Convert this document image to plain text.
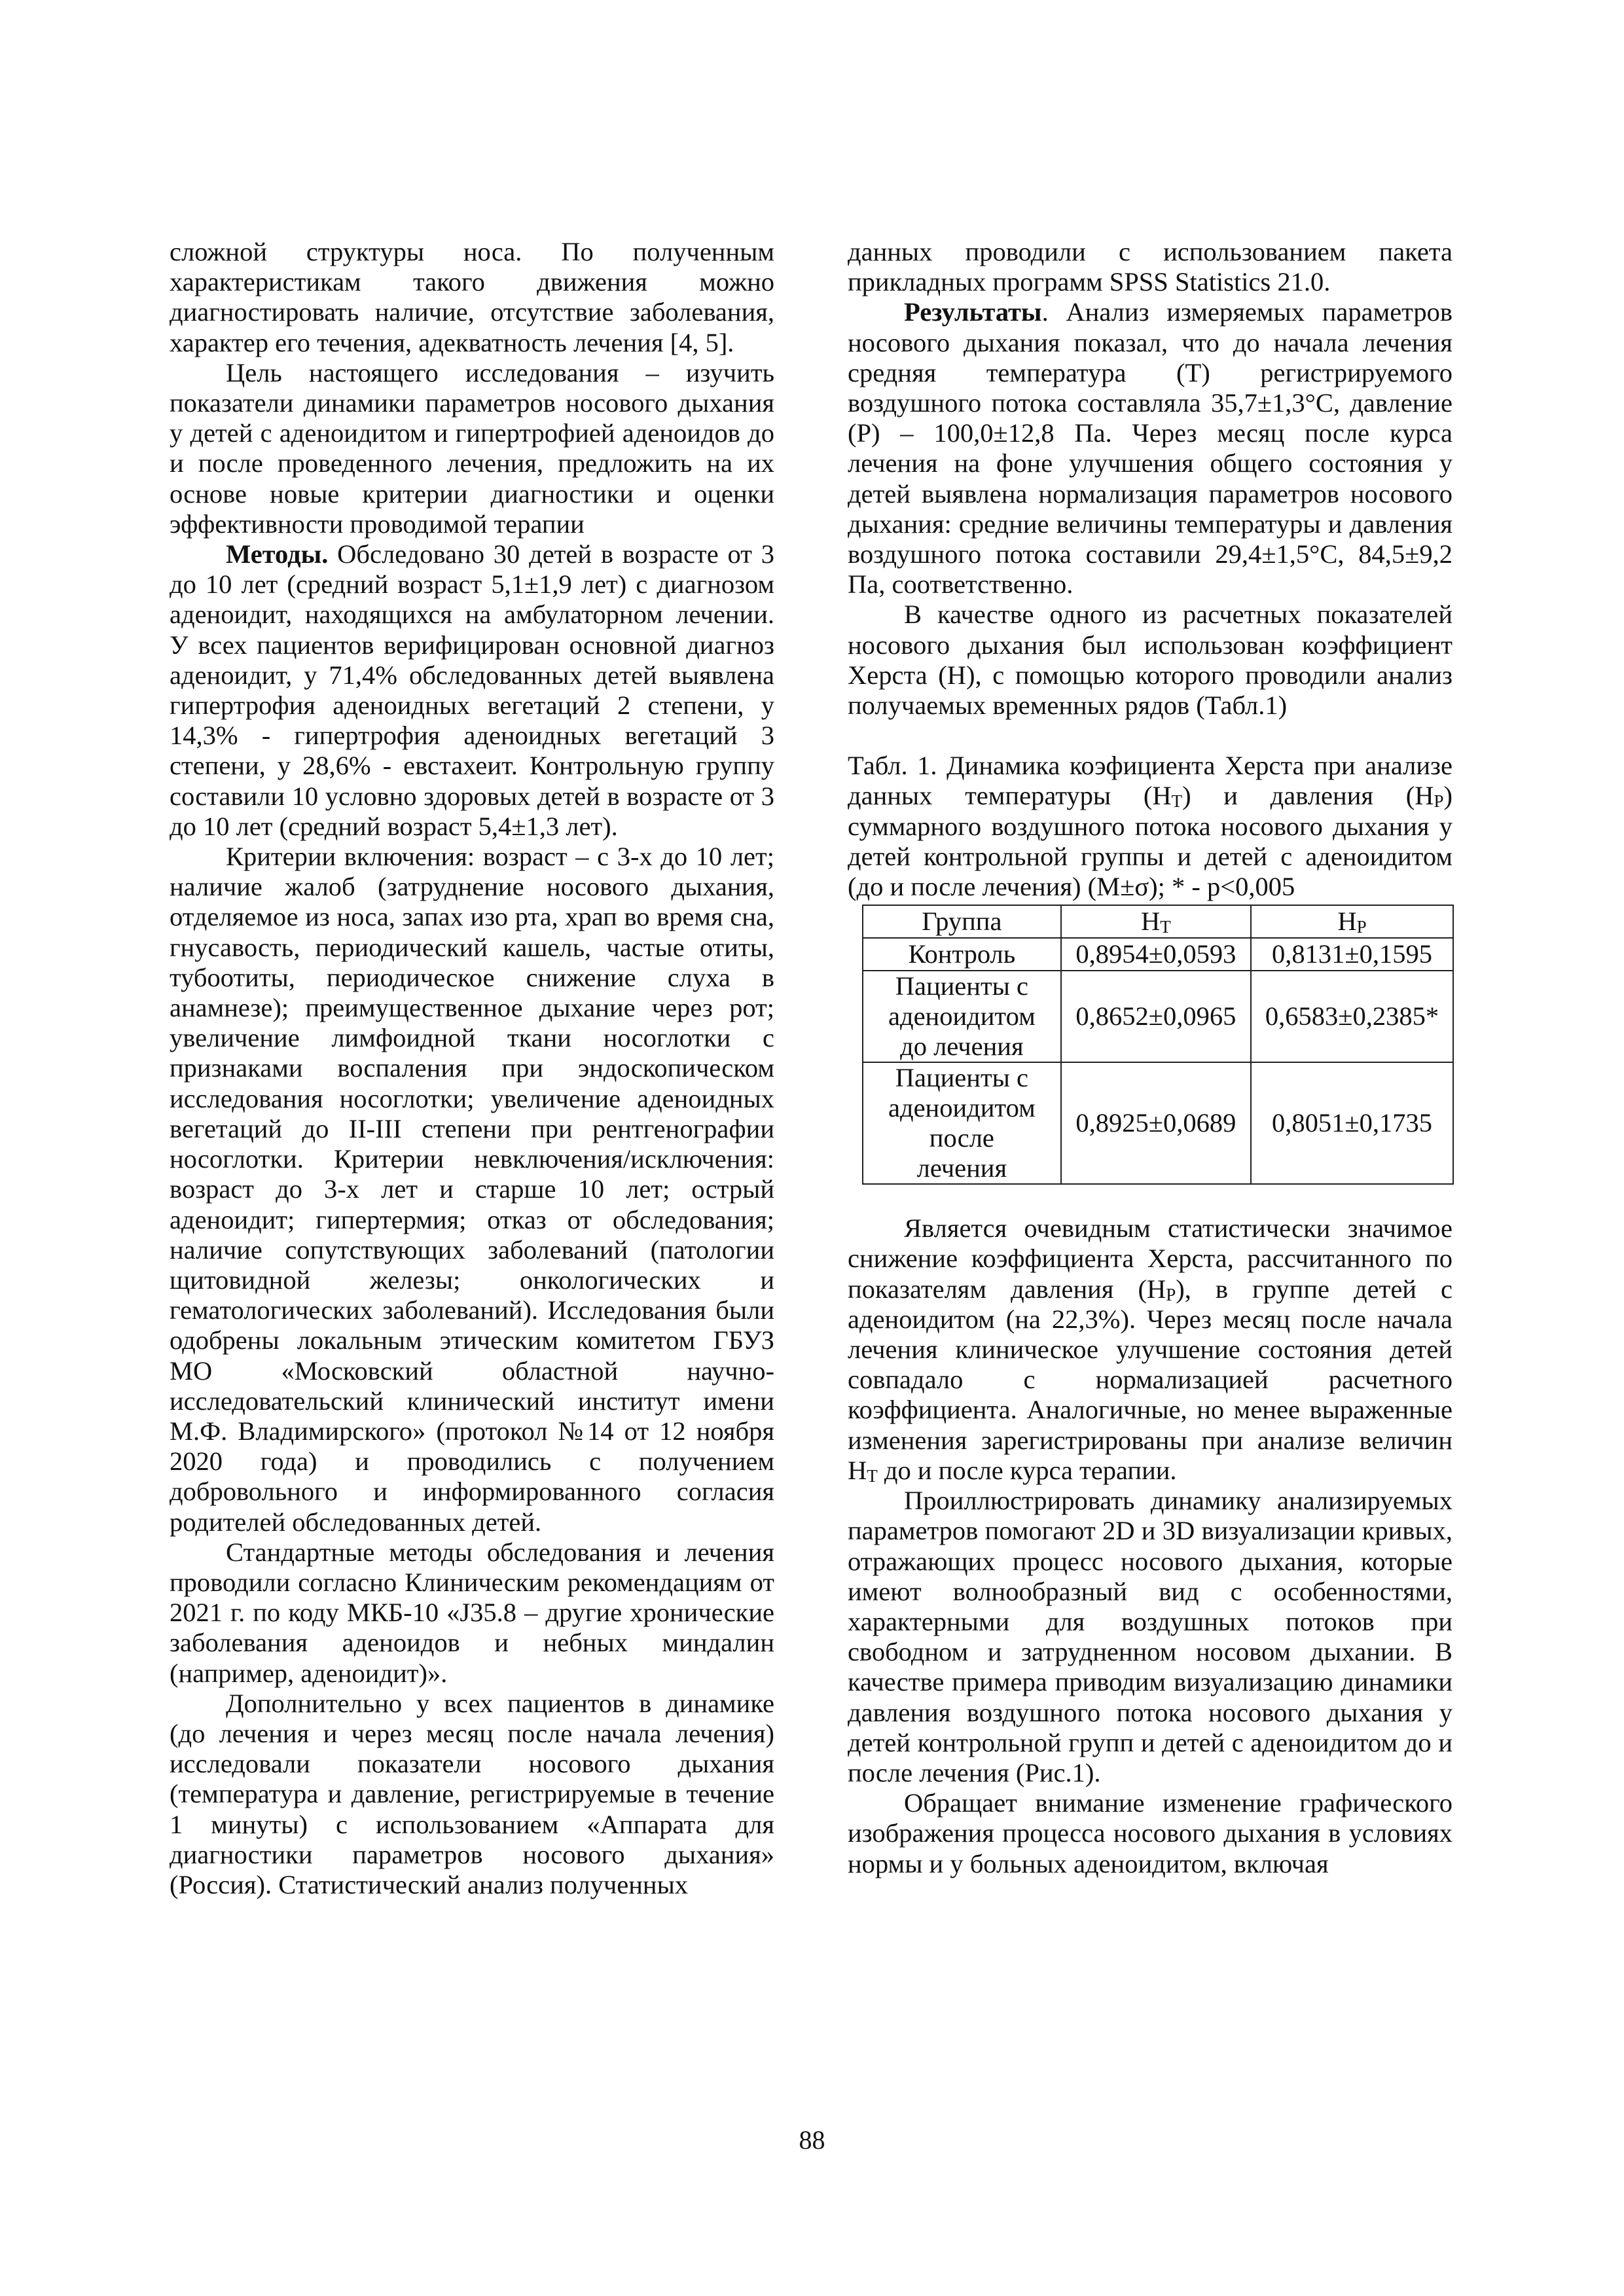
сложной структуры носа. По полученным характеристикам такого движения можно диагностировать наличие, отсутствие заболевания, характер его течения, адекватность лечения [4, 5].

Цель настоящего исследования – изучить показатели динамики параметров носового дыхания у детей с аденоидитом и гипертрофией аденоидов до и после проведенного лечения, предложить на их основе новые критерии диагностики и оценки эффективности проводимой терапии

Методы. Обследовано 30 детей в возрасте от 3 до 10 лет (средний возраст 5,1±1,9 лет) с диагнозом аденоидит, находящихся на амбулаторном лечении. У всех пациентов верифицирован основной диагноз аденоидит, у 71,4% обследованных детей выявлена гипертрофия аденоидных вегетаций 2 степени, у 14,3% - гипертрофия аденоидных вегетаций 3 степени, у 28,6% - евстахеит. Контрольную группу составили 10 условно здоровых детей в возрасте от 3 до 10 лет (средний возраст 5,4±1,3 лет).

Критерии включения: возраст – с 3-х до 10 лет; наличие жалоб (затруднение носового дыхания, отделяемое из носа, запах изо рта, храп во время сна, гнусавость, периодический кашель, частые отиты, тубоотиты, периодическое снижение слуха в анамнезе); преимущественное дыхание через рот; увеличение лимфоидной ткани носоглотки с признаками воспаления при эндоскопическом исследования носоглотки; увеличение аденоидных вегетаций до II-III степени при рентгенографии носоглотки. Критерии невключения/исключения: возраст до 3-х лет и старше 10 лет; острый аденоидит; гипертермия; отказ от обследования; наличие сопутствующих заболеваний (патологии щитовидной железы; онкологических и гематологических заболеваний). Исследования были одобрены локальным этическим комитетом ГБУЗ МО «Московский областной научно-исследовательский клинический институт имени М.Ф. Владимирского» (протокол №14 от 12 ноября 2020 года) и проводились с получением добровольного и информированного согласия родителей обследованных детей.

Стандартные методы обследования и лечения проводили согласно Клиническим рекомендациям от 2021 г. по коду МКБ-10 «J35.8 – другие хронические заболевания аденоидов и небных миндалин (например, аденоидит)».

Дополнительно у всех пациентов в динамике (до лечения и через месяц после начала лечения) исследовали показатели носового дыхания (температура и давление, регистрируемые в течение 1 минуты) с использованием «Аппарата для диагностики параметров носового дыхания» (Россия). Статистический анализ полученных

данных проводили с использованием пакета прикладных программ SPSS Statistics 21.0.

Результаты. Анализ измеряемых параметров носового дыхания показал, что до начала лечения средняя температура (Т) регистрируемого воздушного потока составляла 35,7±1,3°С, давление (Р) – 100,0±12,8 Па. Через месяц после курса лечения на фоне улучшения общего состояния у детей выявлена нормализация параметров носового дыхания: средние величины температуры и давления воздушного потока составили 29,4±1,5°С, 84,5±9,2 Па, соответственно.

В качестве одного из расчетных показателей носового дыхания был использован коэффициент Херста (Н), с помощью которого проводили анализ получаемых временных рядов (Табл.1)

Табл. 1. Динамика коэфициента Херста при анализе данных температуры $(Н_Т)$ и давления $(Н_Р)$ суммарного воздушного потока носового дыхания у детей контрольной группы и детей с аденоидитом (до и после лечения) (М±σ); * - p<0,005

Группа	$Н_Т$	$Н_Р$
Контроль	0,8954±0,0593	0,8131±0,1595
Пациенты с аденоидитом до лечения	0,8652±0,0965	0,6583±0,2385*
Пациенты с аденоидитом после лечения	0,8925±0,0689	0,8051±0,1735

Является очевидным статистически значимое снижение коэффициента Херста, рассчитанного по показателям давления $(Н_Р)$, в группе детей с аденоидитом (на 22,3%). Через месяц после начала лечения клиническое улучшение состояния детей совпадало с нормализацией расчетного коэффициента. Аналогичные, но менее выраженные изменения зарегистрированы при анализе величин $Н_Т$ до и после курса терапии.

Проиллюстрировать динамику анализируемых параметров помогают 2D и 3D визуализации кривых, отражающих процесс носового дыхания, которые имеют волнообразный вид с особенностями, характерными для воздушных потоков при свободном и затрудненном носовом дыхании. В качестве примера приводим визуализацию динамики давления воздушного потока носового дыхания у детей контрольной групп и детей с аденоидитом до и после лечения (Рис.1).

Обращает внимание изменение графического изображения процесса носового дыхания в условиях нормы и у больных аденоидитом, включая

88
